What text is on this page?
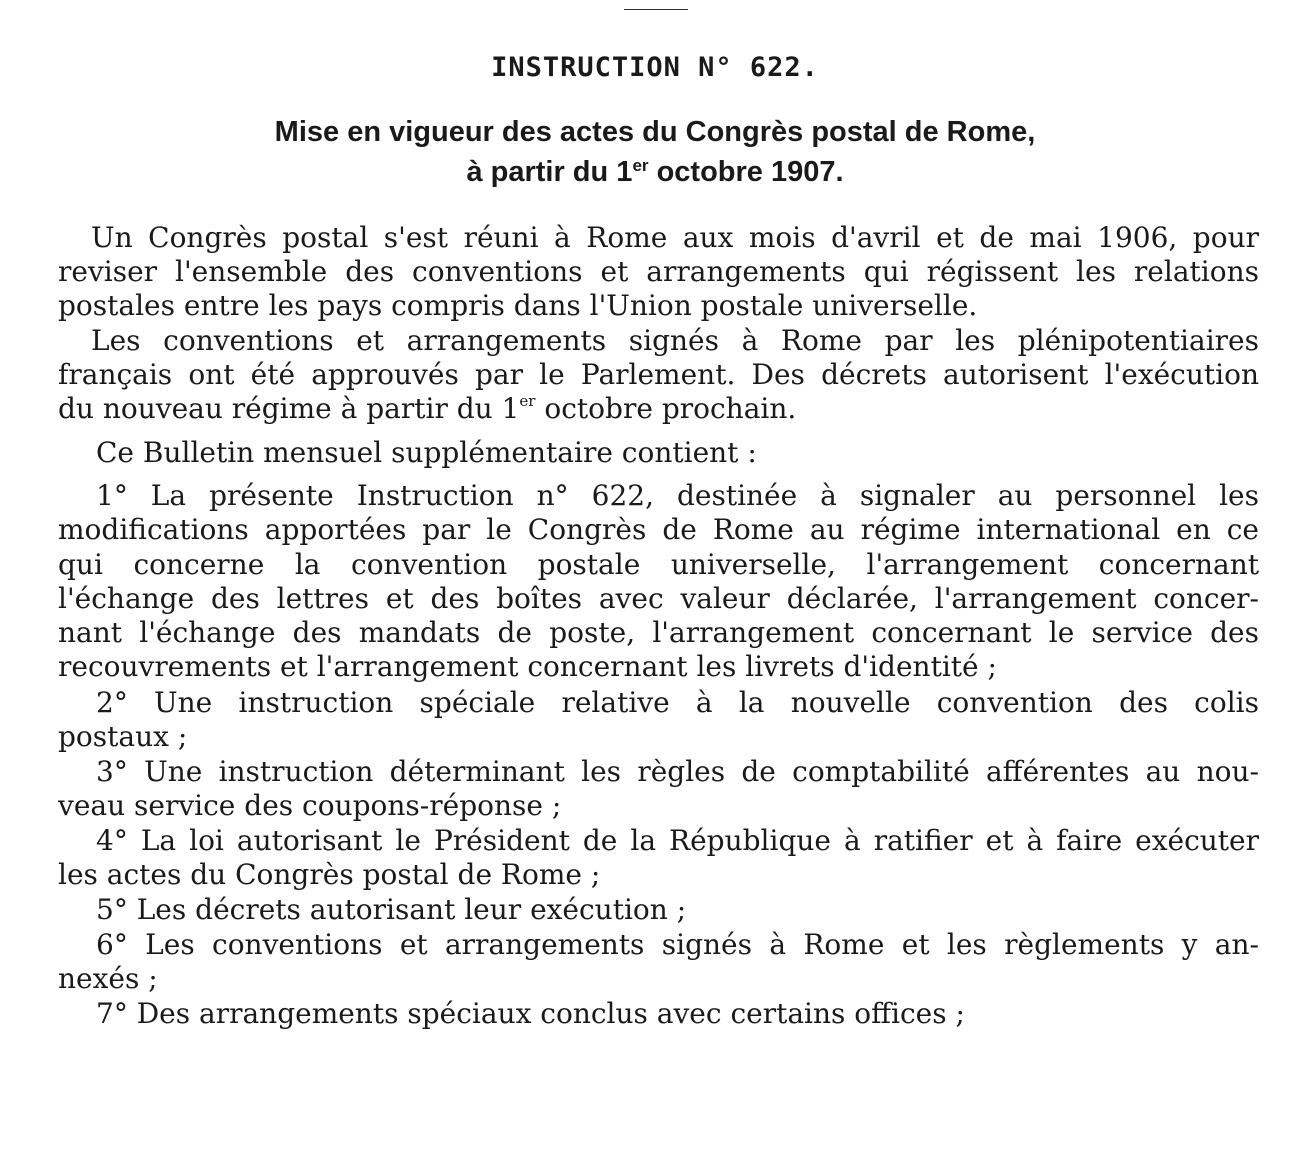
INSTRUCTION N° 622.
Mise en vigueur des actes du Congrès postal de Rome,
à partir du 1er octobre 1907.
Un Congrès postal s'est réuni à Rome aux mois d'avril et de mai 1906, pour
reviser l'ensemble des conventions et arrangements qui régissent les relations
postales entre les pays compris dans l'Union postale universelle.
Les conventions et arrangements signés à Rome par les plénipotentiaires
français ont été approuvés par le Parlement. Des décrets autorisent l'exécution
du nouveau régime à partir du 1er octobre prochain.
Ce Bulletin mensuel supplémentaire contient :
1° La présente Instruction n° 622, destinée à signaler au personnel les
modifications apportées par le Congrès de Rome au régime international en ce
qui concerne la convention postale universelle, l'arrangement concernant
l'échange des lettres et des boîtes avec valeur déclarée, l'arrangement concer-
nant l'échange des mandats de poste, l'arrangement concernant le service des
recouvrements et l'arrangement concernant les livrets d'identité ;
2° Une instruction spéciale relative à la nouvelle convention des colis
postaux ;
3° Une instruction déterminant les règles de comptabilité afférentes au nou-
veau service des coupons-réponse ;
4° La loi autorisant le Président de la République à ratifier et à faire exécuter
les actes du Congrès postal de Rome ;
5° Les décrets autorisant leur exécution ;
6° Les conventions et arrangements signés à Rome et les règlements y an-
nexés ;
7° Des arrangements spéciaux conclus avec certains offices ;
